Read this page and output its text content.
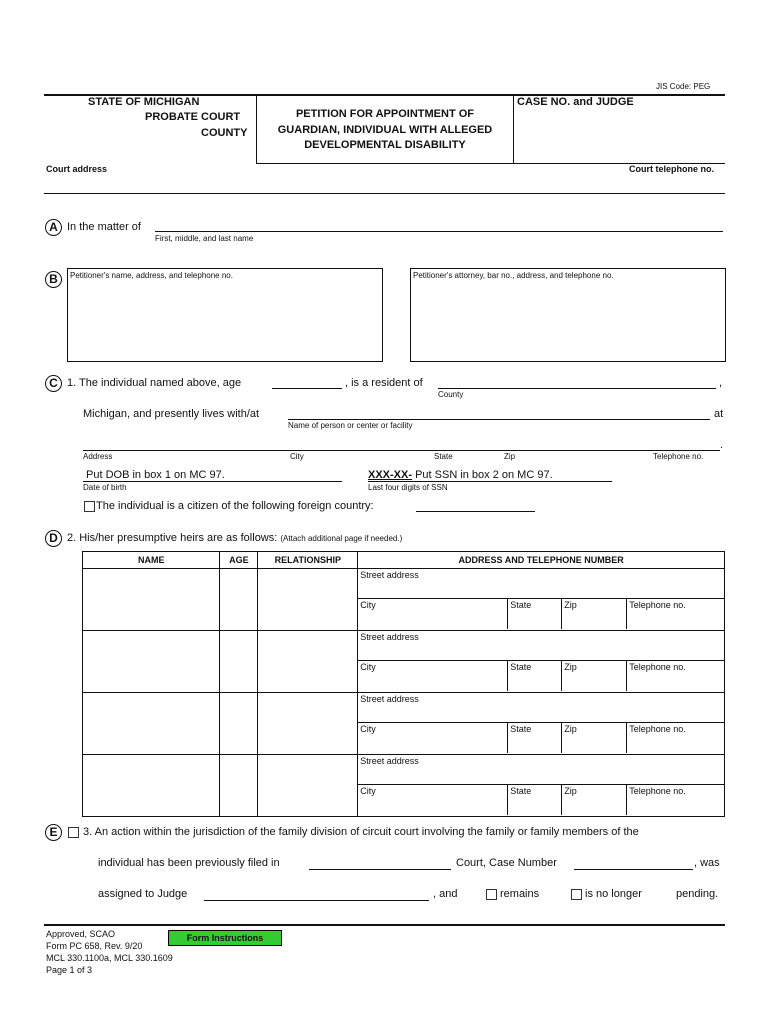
JIS Code: PEG
STATE OF MICHIGAN
PROBATE COURT
COUNTY
PETITION FOR APPOINTMENT OF
GUARDIAN, INDIVIDUAL WITH ALLEGED
DEVELOPMENTAL DISABILITY
CASE NO. and JUDGE
Court address	Court telephone no.
A In the matter of
First, middle, and last name
B	Petitioner's name, address, and telephone no.	Petitioner's attorney, bar no., address, and telephone no.
C 1. The individual named above, age	, is a resident of	,
County
Michigan, and presently lives with/at	at
Name of person or center or facility
.
Address	City	State	Zip	Telephone no.
Put DOB in box 1 on MC 97.
Date of birth
XXX-XX- Put SSN in box 2 on MC 97.
Last four digits of SSN
The individual is a citizen of the following foreign country:
D 2. His/her presumptive heirs are as follows: (Attach additional page if needed.)
NAME	AGE	RELATIONSHIP	ADDRESS AND TELEPHONE NUMBER

			Street address
City State Zip Telephone no.

			Street address
City State Zip Telephone no.

			Street address
City State Zip Telephone no.

			Street address
City State Zip Telephone no.
E	3. An action within the jurisdiction of the family division of circuit court involving the family or family members of the
individual has been previously filed in	Court, Case Number	, was
assigned to Judge	, and	remains	is no longer	pending.
Approved, SCAO
Form PC 658, Rev. 9/20
MCL 330.1100a, MCL 330.1609
Page 1 of 3
Form Instructions
